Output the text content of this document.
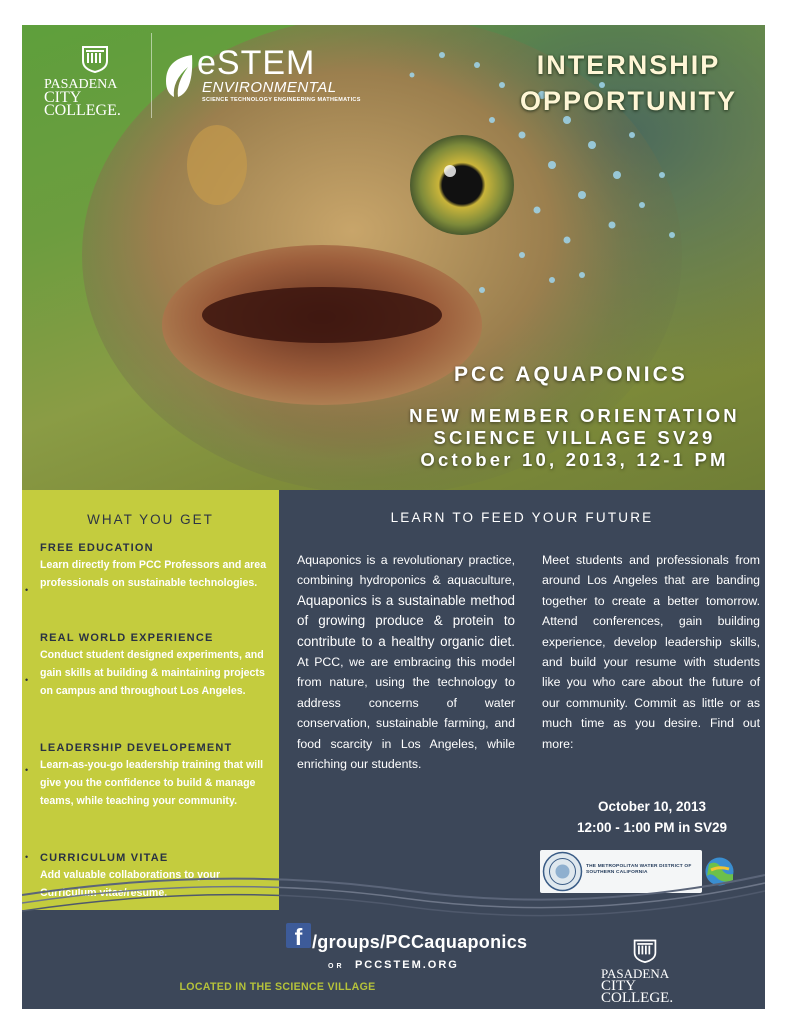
PASADENA
CITY COLLEGE.
eSTEM
ENVIRONMENTAL
SCIENCE TECHNOLOGY ENGINEERING MATHEMATICS
INTERNSHIP
OPPORTUNITY
PCC AQUAPONICS
NEW MEMBER ORIENTATION
SCIENCE VILLAGE SV29
October 10, 2013, 12-1 PM
WHAT YOU GET
FREE EDUCATION
Learn directly from PCC Professors and area professionals on sustainable technologies.
REAL WORLD EXPERIENCE
Conduct student designed experiments, and gain skills at building & maintaining projects on campus and throughout Los Angeles.
LEADERSHIP DEVELOPEMENT
Learn-as-you-go leadership training that will give you the confidence to build & manage teams, while teaching your community.
CURRICULUM VITAE
Add valuable collaborations to your Curriculum vitae/resume.
•
•
•
•
LEARN TO FEED YOUR FUTURE
Aquaponics is a revolutionary practice, combining hydroponics & aquaculture, Aquaponics is a sustainable method of growing produce & protein to contribute to a healthy organic diet. At PCC, we are embracing this model from nature, using the technology to address concerns of water conservation, sustainable farming, and food scarcity in Los Angeles, while enriching our students.
Meet students and professionals from around Los Angeles that are banding together to create a better tomorrow. Attend conferences, gain building experience, develop leadership skills, and build your resume with students like you who care about the future of our community. Commit as little or as much time as you desire. Find out more:
October 10, 2013
12:00 - 1:00 PM in SV29
THE METROPOLITAN WATER DISTRICT OF SOUTHERN CALIFORNIA
f /groups/PCCaquaponics
OR PCCSTEM.ORG
LOCATED IN THE SCIENCE VILLAGE
PASADENA
CITY COLLEGE.
